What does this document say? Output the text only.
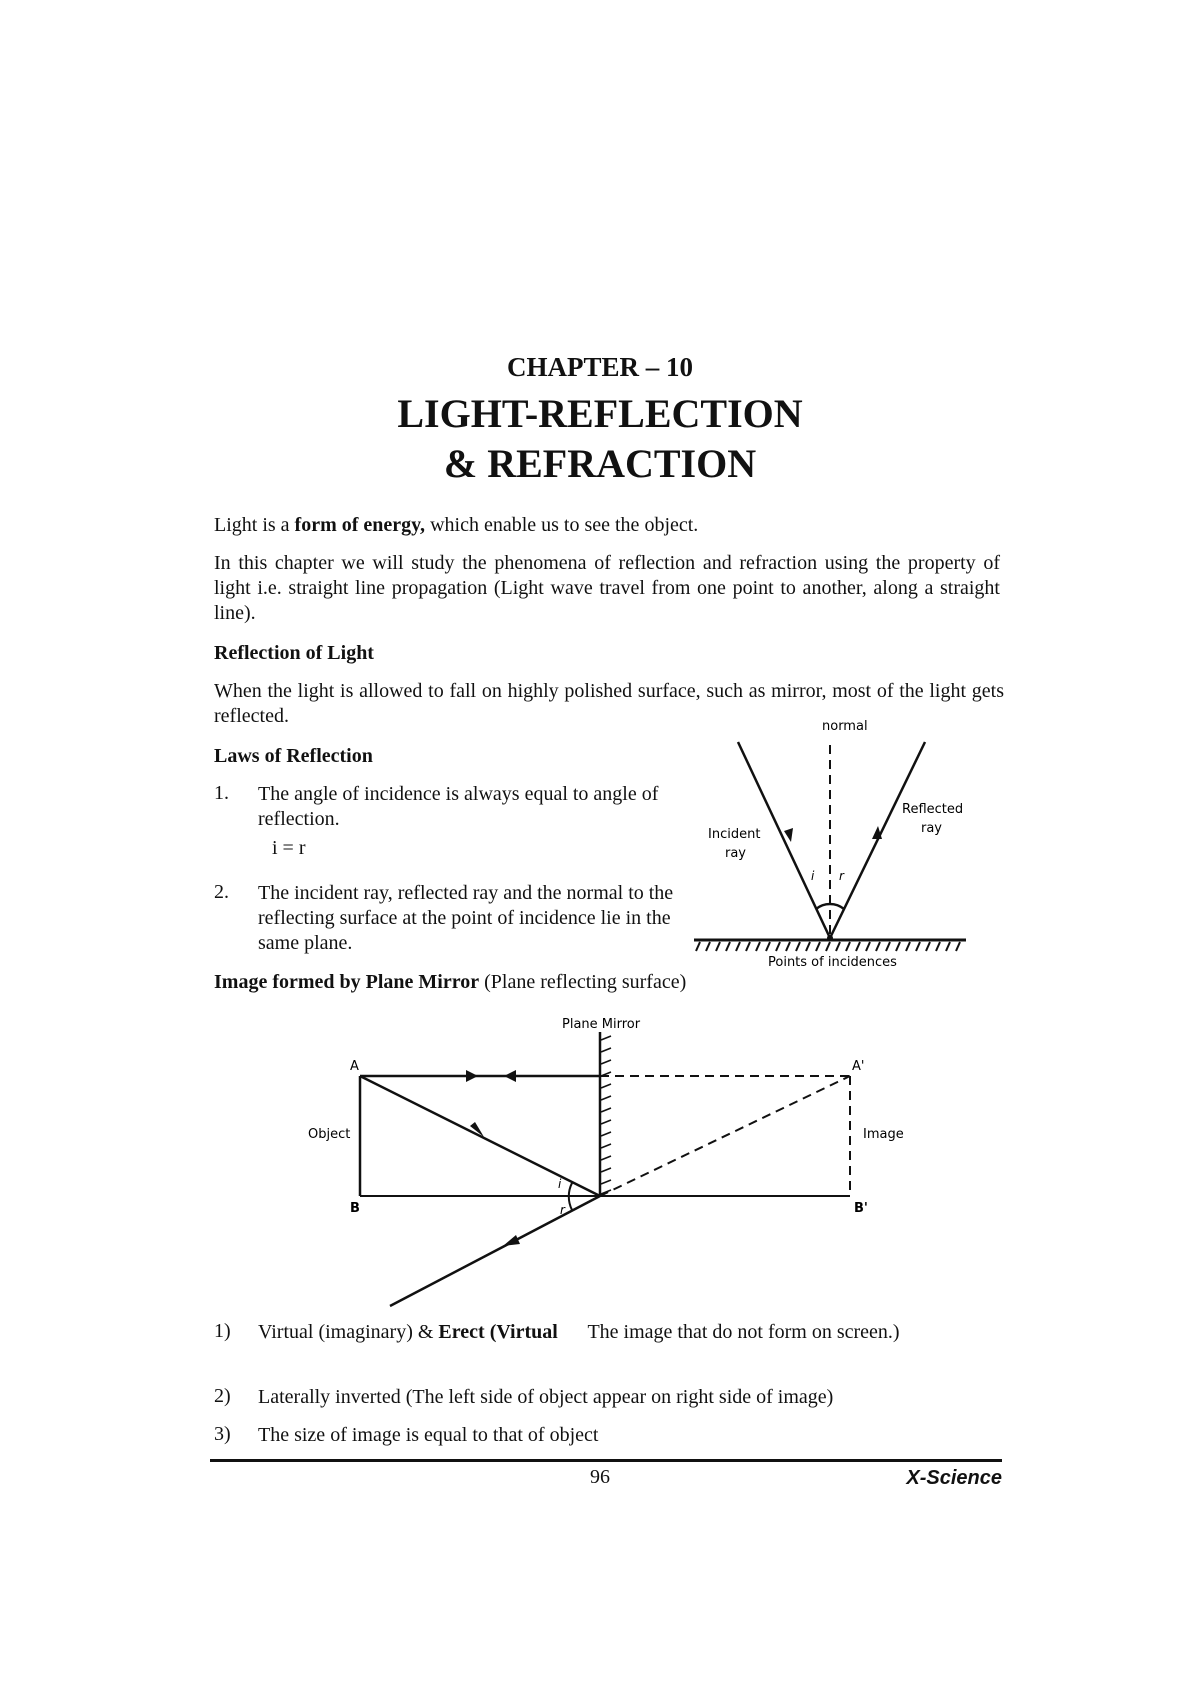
CHAPTER – 10
LIGHT-REFLECTION
& REFRACTION
Light is a form of energy, which enable us to see the object.
In this chapter we will study the phenomena of reflection and refraction using the property of light i.e. straight line propagation (Light wave travel from one point to another, along a straight line).
Reflection of Light
When the light is allowed to fall on highly polished surface, such as mirror, most of the light gets reflected.
Laws of Reflection
1. The angle of incidence is always equal to angle of reflection.
i = r
2. The incident ray, reflected ray and the normal to the reflecting surface at the point of incidence lie in the same plane.
normal
Incident
ray
Reflected
ray
i r
Points of incidences
Image formed by Plane Mirror (Plane reflecting surface)
Plane Mirror
A	A'
B	B'
Object	Image
i
r
1) Virtual (imaginary) & Erect (Virtual      The image that do not form on screen.)
2) Laterally inverted (The left side of object appear on right side of image)
3) The size of image is equal to that of object
96	X-Science
